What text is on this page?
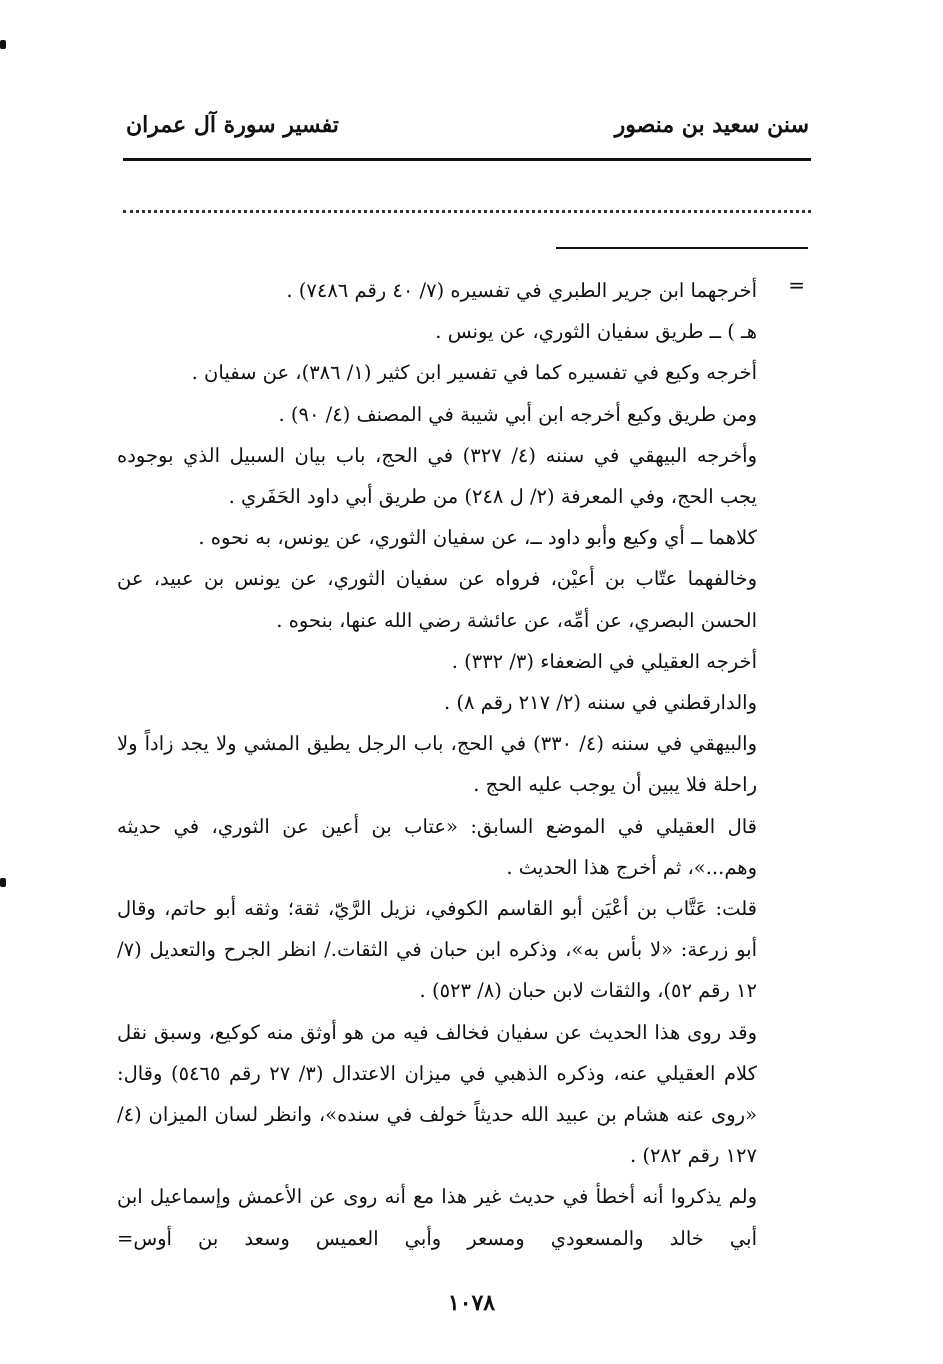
سنن سعيد بن منصور
تفسير سورة آل عمران
=

أخرجهما ابن جرير الطبري في تفسيره (٧/ ٤٠ رقم ٧٤٨٦) .

هـ ) ــ طريق سفيان الثوري، عن يونس .

أخرجه وكيع في تفسيره كما في تفسير ابن كثير (١/ ٣٨٦)، عن سفيان .

ومن طريق وكيع أخرجه ابن أبي شيبة في المصنف (٤/ ٩٠) .

وأخرجه البيهقي في سننه (٤/ ٣٢٧) في الحج، باب بيان السبيل الذي بوجوده يجب الحج، وفي المعرفة (٢/ ل ٢٤٨) من طريق أبي داود الحَفَري .

كلاهما ــ أي وكيع وأبو داود ــ، عن سفيان الثوري، عن يونس، به نحوه .

وخالفهما عتّاب بن أعيْن، فرواه عن سفيان الثوري، عن يونس بن عبيد، عن الحسن البصري، عن أمِّه، عن عائشة رضي الله عنها، بنحوه .

أخرجه العقيلي في الضعفاء (٣/ ٣٣٢) .

والدارقطني في سننه (٢/ ٢١٧ رقم ٨) .

والبيهقي في سننه (٤/ ٣٣٠) في الحج، باب الرجل يطيق المشي ولا يجد زاداً ولا راحلة فلا يبين أن يوجب عليه الحج .

قال العقيلي في الموضع السابق: «عتاب بن أعين عن الثوري، في حديثه وهم...»، ثم أخرج هذا الحديث .

قلت: عَتَّاب بن أعْيَن أبو القاسم الكوفي، نزيل الرَّيّ، ثقة؛ وثقه أبو حاتم، وقال أبو زرعة: «لا بأس به»، وذكره ابن حبان في الثقات./ انظر الجرح والتعديل (٧/ ١٢ رقم ٥٢)، والثقات لابن حبان (٨/ ٥٢٣) .

وقد روى هذا الحديث عن سفيان فخالف فيه من هو أوثق منه كوكيع، وسبق نقل كلام العقيلي عنه، وذكره الذهبي في ميزان الاعتدال (٣/ ٢٧ رقم ٥٤٦٥) وقال: «روى عنه هشام بن عبيد الله حديثاً خولف في سنده»، وانظر لسان الميزان (٤/ ١٢٧ رقم ٢٨٢) .

ولم يذكروا أنه أخطأ في حديث غير هذا مع أنه روى عن الأعمش وإسماعيل ابن أبي خالد والمسعودي ومسعر وأبي العميس وسعد بن أوس=

١٠٧٨
